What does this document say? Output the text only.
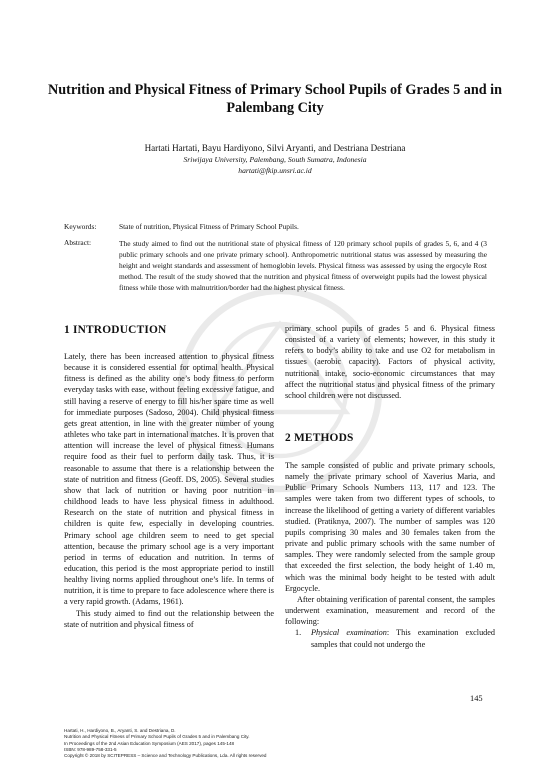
Nutrition and Physical Fitness of Primary School Pupils of Grades 5 and in Palembang City
Hartati Hartati, Bayu Hardiyono, Silvi Aryanti, and Destriana Destriana
Sriwijaya University, Palembang, South Sumatra, Indonesia
hartati@fkip.unsri.ac.id
Keywords:	State of nutrition, Physical Fitness of Primary School Pupils.
Abstract:	The study aimed to find out the nutritional state of physical fitness of 120 primary school pupils of grades 5, 6, and 4 (3 public primary schools and one private primary school). Anthropometric nutritional status was assessed by measuring the height and weight standards and assessment of hemoglobin levels. Physical fitness was assessed by using the ergocyle Rost method. The result of the study showed that the nutrition and physical fitness of overweight pupils had the lowest physical fitness while those with malnutrition/border had the highest physical fitness.
1 INTRODUCTION

Lately, there has been increased attention to physical fitness because it is considered essential for optimal health. Physical fitness is defined as the ability one’s body fitness to perform everyday tasks with ease, without feeling excessive fatigue, and still having a reserve of energy to fill his/her spare time as well for immediate purposes (Sadoso, 2004). Child physical fitness gets great attention, in line with the greater number of young athletes who take part in international matches. It is proven that attention will increase the level of physical fitness. Humans require food as their fuel to perform daily task. Thus, it is reasonable to assume that there is a relationship between the state of nutrition and fitness (Geoff. DS, 2005). Several studies show that lack of nutrition or having poor nutrition in childhood leads to have less physical fitness in adulthood. Research on the state of nutrition and physical fitness in children is quite few, especially in developing countries. Primary school age children seem to need to get special attention, because the primary school age is a very important period in terms of education and nutrition. In terms of education, this period is the most appropriate period to instill healthy living norms applied throughout one’s life. In terms of nutrition, it is time to prepare to face adolescence where there is a very rapid growth. (Adams, 1961).

This study aimed to find out the relationship between the state of nutrition and physical fitness of

primary school pupils of grades 5 and 6. Physical fitness consisted of a variety of elements; however, in this study it refers to body’s ability to take and use O2 for metabolism in tissues (aerobic capacity). Factors of physical activity, nutritional intake, socio-economic circumstances that may affect the nutritional status and physical fitness of the primary school children were not discussed.

2 METHODS

The sample consisted of public and private primary schools, namely the private primary school of Xaverius Maria, and Public Primary Schools Numbers 113, 117 and 123. The samples were taken from two different types of schools, to increase the likelihood of getting a variety of different variables studied. (Pratiknya, 2007). The number of samples was 120 pupils comprising 30 males and 30 females taken from the private and public primary schools with the same number of samples. They were randomly selected from the sample group that exceeded the first selection, the body height of 1.40 m, which was the minimal body height to be tested with adult Ergocycle.

After obtaining verification of parental consent, the samples underwent examination, measurement and record of the following:

1.	Physical examination: This examination excluded samples that could not undergo the
145
Hartati, H., Hardiyono, B., Aryanti, S. and Destriana, D.
Nutrition and Physical Fitness of Primary School Pupils of Grades 5 and in Palembang City.
In Proceedings of the 2nd Asian Education Symposium (AES 2017), pages 145-148
ISBN: 978-989-758-331-5
Copyright © 2018 by SCITEPRESS – Science and Technology Publications, Lda. All rights reserved
